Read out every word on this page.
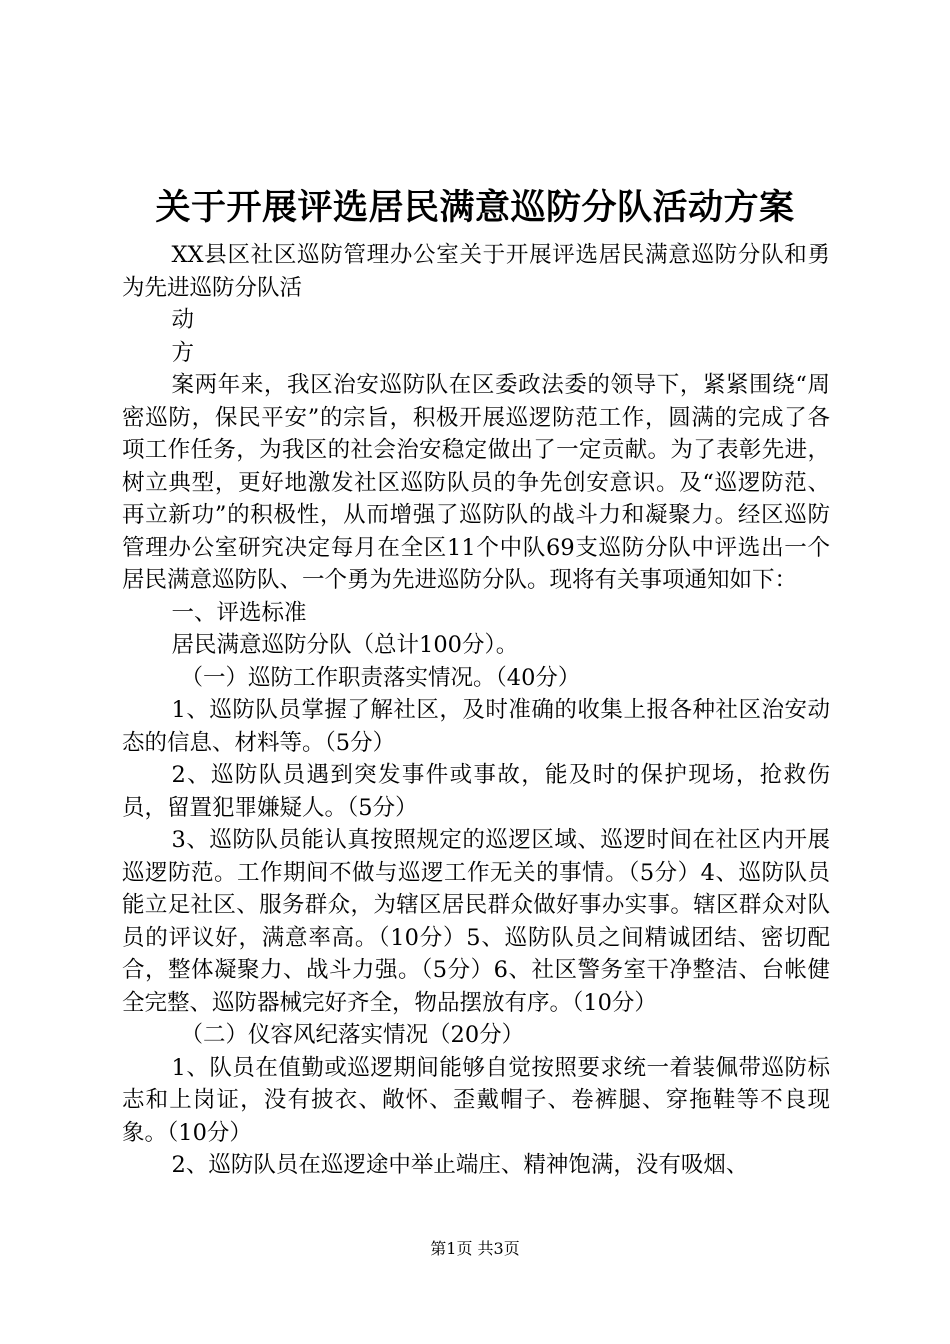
关于开展评选居民满意巡防分队活动方案

XX县区社区巡防管理办公室关于开展评选居民满意巡防分队和勇为先进巡防分队活

动

方

案两年来，我区治安巡防队在区委政法委的领导下，紧紧围绕“周密巡防，保民平安”的宗旨，积极开展巡逻防范工作，圆满的完成了各项工作任务，为我区的社会治安稳定做出了一定贡献。为了表彰先进，树立典型，更好地激发社区巡防队员的争先创安意识。及“巡逻防范、再立新功”的积极性，从而增强了巡防队的战斗力和凝聚力。经区巡防管理办公室研究决定每月在全区11个中队69支巡防分队中评选出一个居民满意巡防队、一个勇为先进巡防分队。现将有关事项通知如下：

一、评选标准

居民满意巡防分队（总计100分）。

（一）巡防工作职责落实情况。（40分）

1、巡防队员掌握了解社区，及时准确的收集上报各种社区治安动态的信息、材料等。（5分）

2、巡防队员遇到突发事件或事故，能及时的保护现场，抢救伤员，留置犯罪嫌疑人。（5分）

3、巡防队员能认真按照规定的巡逻区域、巡逻时间在社区内开展巡逻防范。工作期间不做与巡逻工作无关的事情。（5分）4、巡防队员能立足社区、服务群众，为辖区居民群众做好事办实事。辖区群众对队员的评议好，满意率高。（10分）5、巡防队员之间精诚团结、密切配合，整体凝聚力、战斗力强。（5分）6、社区警务室干净整洁、台帐健全完整、巡防器械完好齐全，物品摆放有序。（10分）

（二）仪容风纪落实情况（20分）

1、队员在值勤或巡逻期间能够自觉按照要求统一着装佩带巡防标志和上岗证，没有披衣、敞怀、歪戴帽子、卷裤腿、穿拖鞋等不良现象。（10分）

2、巡防队员在巡逻途中举止端庄、精神饱满，没有吸烟、

第1页 共3页
